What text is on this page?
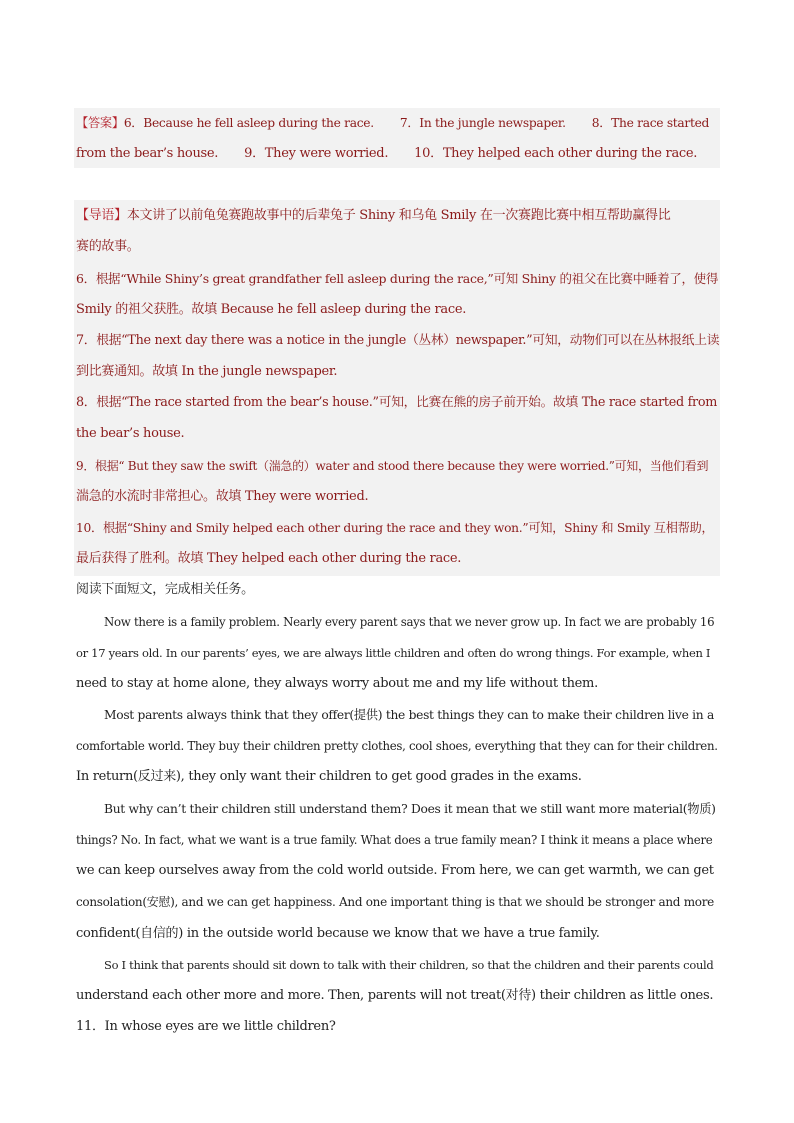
【答案】6．Because he fell asleep during the race. 7．In the jungle newspaper. 8．The race started
from the bear’s house. 9．They were worried. 10．They helped each other during the race.
【导语】本文讲了以前龟兔赛跑故事中的后辈兔子 Shiny 和乌龟 Smily 在一次赛跑比赛中相互帮助赢得比
赛的故事。
6．根据“While Shiny’s great grandfather fell asleep during the race,”可知 Shiny 的祖父在比赛中睡着了，使得
Smily 的祖父获胜。故填 Because he fell asleep during the race.
7．根据“The next day there was a notice in the jungle（丛林）newspaper.”可知，动物们可以在丛林报纸上读
到比赛通知。故填 In the jungle newspaper.
8．根据“The race started from the bear’s house.”可知，比赛在熊的房子前开始。故填 The race started from
the bear’s house.
9．根据“ But they saw the swift（湍急的）water and stood there because they were worried.”可知，当他们看到
湍急的水流时非常担心。故填 They were worried.
10．根据“Shiny and Smily helped each other during the race and they won.”可知，Shiny 和 Smily 互相帮助，
最后获得了胜利。故填 They helped each other during the race.
阅读下面短文，完成相关任务。
Now there is a family problem. Nearly every parent says that we never grow up. In fact we are probably 16
or 17 years old. In our parents’ eyes, we are always little children and often do wrong things. For example, when I
need to stay at home alone, they always worry about me and my life without them.
Most parents always think that they offer(提供) the best things they can to make their children live in a
comfortable world. They buy their children pretty clothes, cool shoes, everything that they can for their children.
In return(反过来), they only want their children to get good grades in the exams.
But why can’t their children still understand them? Does it mean that we still want more material(物质)
things? No. In fact, what we want is a true family. What does a true family mean? I think it means a place where
we can keep ourselves away from the cold world outside. From here, we can get warmth, we can get
consolation(安慰), and we can get happiness. And one important thing is that we should be stronger and more
confident(自信的) in the outside world because we know that we have a true family.
So I think that parents should sit down to talk with their children, so that the children and their parents could
understand each other more and more. Then, parents will not treat(对待) their children as little ones.
11．In whose eyes are we little children?
